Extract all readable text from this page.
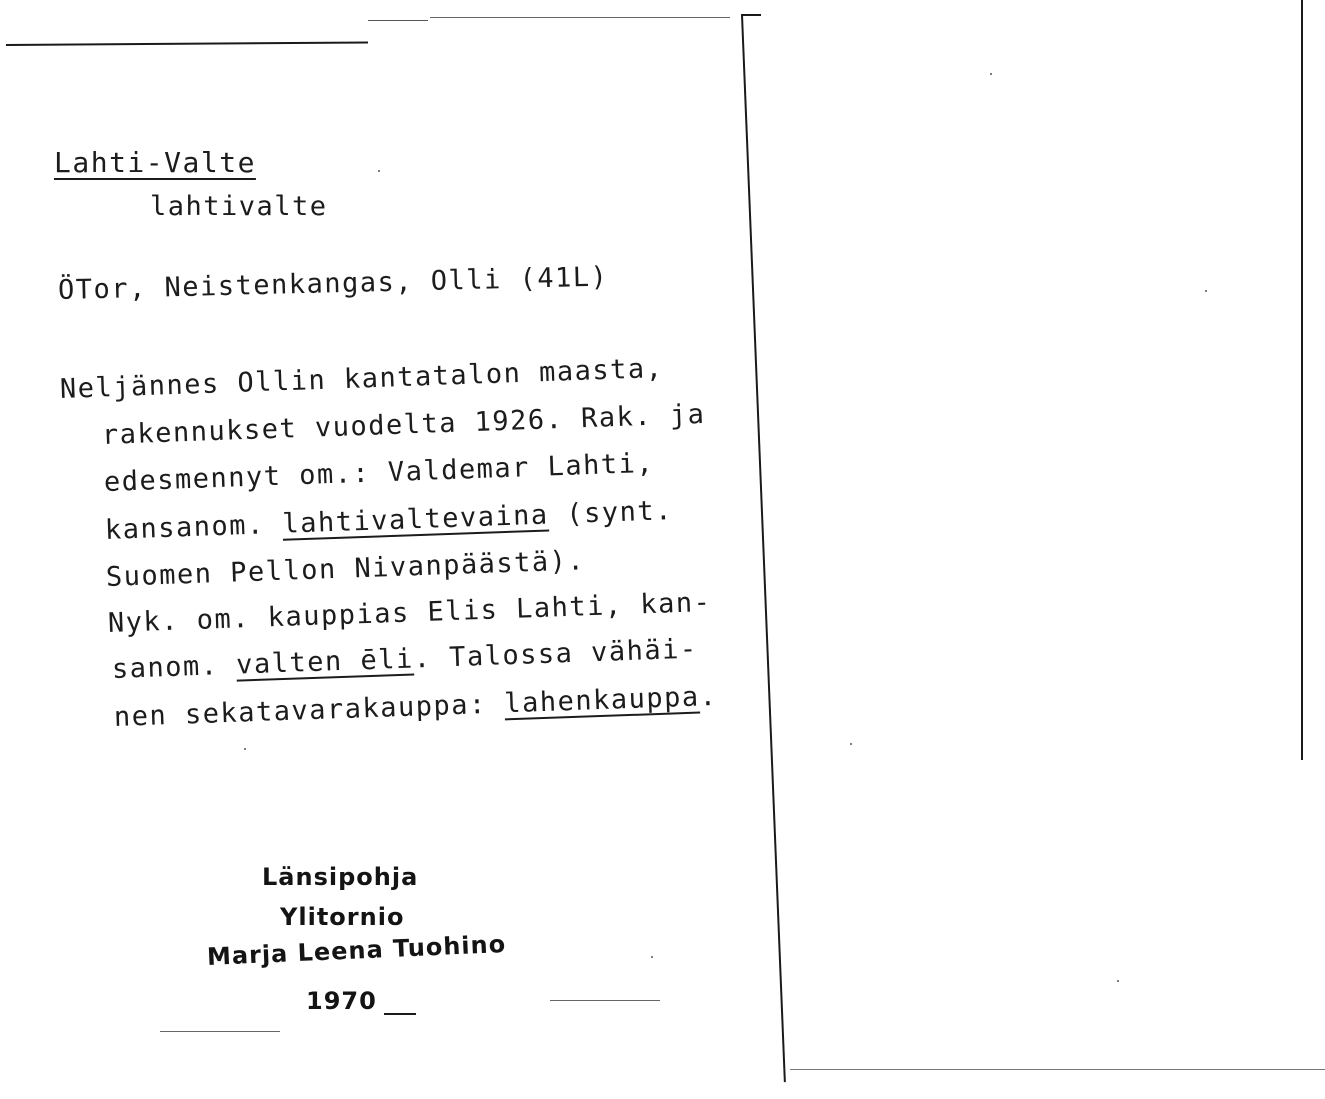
Lahti-Valte
lahtivalte
ÖTor, Neistenkangas, Olli (41L)
Neljännes Ollin kantatalon maasta,
rakennukset vuodelta 1926. Rak. ja
edesmennyt om.: Valdemar Lahti,
kansanom. lahtivaltevaina (synt.
Suomen Pellon Nivanpäästä).
Nyk. om. kauppias Elis Lahti, kan-
sanom. valten ēli. Talossa vähäi-
nen sekatavarakauppa: lahenkauppa.
Länsipohja
Ylitornio
Marja Leena Tuohino
1970
